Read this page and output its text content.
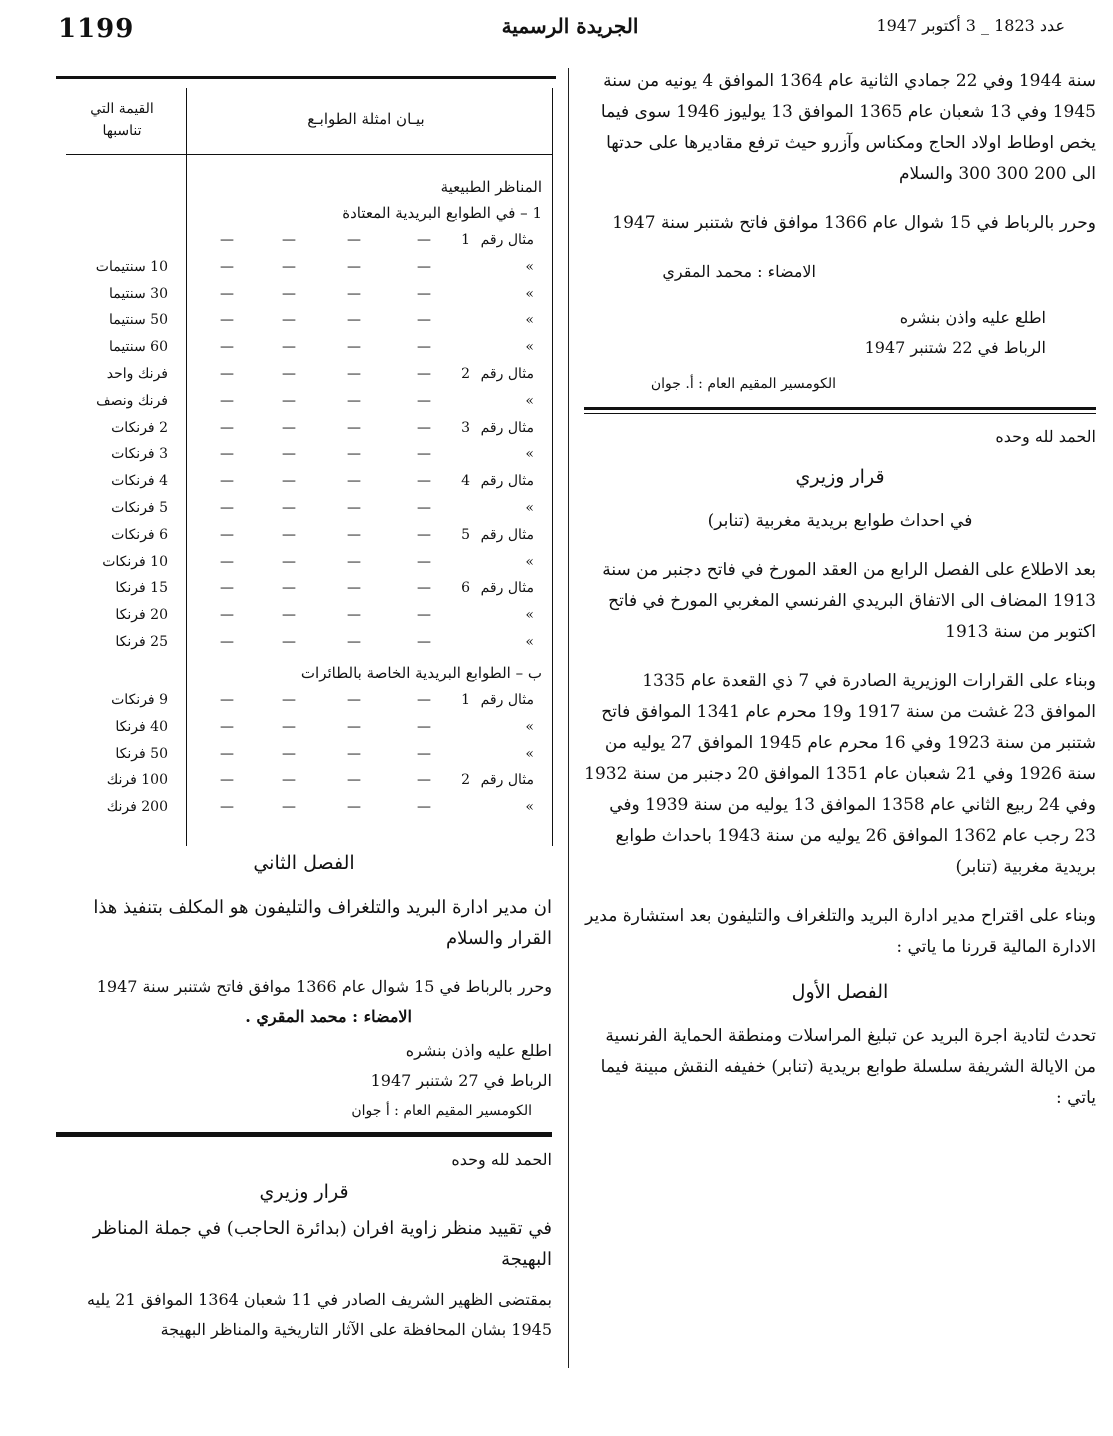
1199	الجريدة الرسمية	عدد 1823 _ 3 أكتوبر 1947

سنة 1944 وفي 22 جمادي الثانية عام 1364 الموافق 4 يونيه من سنة 1945 وفي 13 شعبان عام 1365 الموافق 13 يوليوز 1946 سوى فيما يخص اوطاط اولاد الحاج ومكناس وآزرو حيث ترفع مقاديرها على حدتها الى 200 300 300 والسلام

وحرر بالرباط في 15 شوال عام 1366 موافق فاتح شتنبر سنة 1947

الامضاء : محمد المقري
اطلع عليه واذن بنشره
الرباط في 22 شتنبر 1947
الكومسير المقيم العام : أ. جوان
الحمد لله وحده
قرار وزيري
في احداث طوابع بريدية مغربية (تنابر)

بعد الاطلاع على الفصل الرابع من العقد المورخ في فاتح دجنبر من سنة 1913 المضاف الى الاتفاق البريدي الفرنسي المغربي المورخ في فاتح اكتوبر من سنة 1913

وبناء على القرارات الوزيرية الصادرة في 7 ذي القعدة عام 1335 الموافق 23 غشت من سنة 1917 و19 محرم عام 1341 الموافق فاتح شتنبر من سنة 1923 وفي 16 محرم عام 1945 الموافق 27 يوليه من سنة 1926 وفي 21 شعبان عام 1351 الموافق 20 دجنبر من سنة 1932 وفي 24 ربيع الثاني عام 1358 الموافق 13 يوليه من سنة 1939 وفي 23 رجب عام 1362 الموافق 26 يوليه من سنة 1943 باحداث طوابع بريدية مغربية (تنابر)

وبناء على اقتراح مدير ادارة البريد والتلغراف والتليفون بعد استشارة مدير الادارة المالية قررنا ما ياتي :

الفصل الأول

تحدث لتادية اجرة البريد عن تبليغ المراسلات ومنطقة الحماية الفرنسية من الايالة الشريفة سلسلة طوابع بريدية (تنابر) خفيفه النقش مبينة فيما ياتي :

بيـان امثلة الطوابـع
القيمة التي
تناسبها
المناظر الطبيعية
1 – في الطوابع البريدية المعتادة
مثال رقم
1
—
—
—
—
»
—
—
—
—
10 سنتيمات
»
—
—
—
—
30 سنتيما
»
—
—
—
—
50 سنتيما
»
—
—
—
—
60 سنتيما
مثال رقم
2
—
—
—
—
فرنك واحد
»
—
—
—
—
فرنك ونصف
مثال رقم
3
—
—
—
—
2 فرنكات
»
—
—
—
—
3 فرنكات
مثال رقم
4
—
—
—
—
4 فرنكات
»
—
—
—
—
5 فرنكات
مثال رقم
5
—
—
—
—
6 فرنكات
»
—
—
—
—
10 فرنكات
مثال رقم
6
—
—
—
—
15 فرنكا
»
—
—
—
—
20 فرنكا
»
—
—
—
—
25 فرنكا
ب – الطوابع البريدية الخاصة بالطائرات
مثال رقم
1
—
—
—
—
9 فرنكات
»
—
—
—
—
40 فرنكا
»
—
—
—
—
50 فرنكا
مثال رقم
2
—
—
—
—
100 فرنك
»
—
—
—
—
200 فرنك
الفصل الثاني

ان مدير ادارة البريد والتلغراف والتليفون هو المكلف بتنفيذ هذا القرار والسلام

وحرر بالرباط في 15 شوال عام 1366 موافق فاتح شتنبر سنة 1947
الامضاء : محمد المقري .
اطلع عليه واذن بنشره
الرباط في 27 شتنبر 1947
الكومسير المقيم العام : أ جوان
الحمد لله وحده
قرار وزيري

في تقييد منظر زاوية افران (بدائرة الحاجب) في جملة المناظر البهيجة

بمقتضى الظهير الشريف الصادر في 11 شعبان 1364 الموافق 21 يليه 1945 بشان المحافظة على الآثار التاريخية والمناظر البهيجة
